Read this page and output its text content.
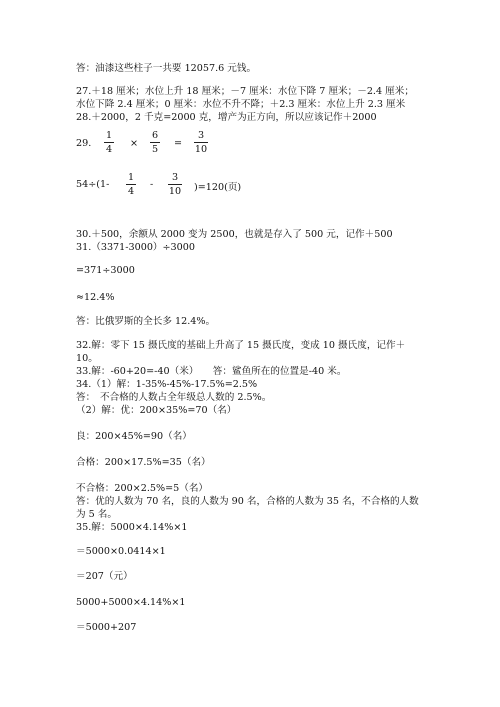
答：油漆这些柱子一共要 12057.6 元钱。
27.＋18 厘米；水位上升 18 厘米；－7 厘米：水位下降 7 厘米；－2.4 厘米；
水位下降 2.4 厘米；0 厘米：水位不升不降；＋2.3 厘米：水位上升 2.3 厘米
28.＋2000，2 千克=2000 克，增产为正方向，所以应该记作＋2000
29.
1
4
×
6
5
=
3
10
54÷(1-
1
4
-
3
10 )=120(页)
30.＋500，余额从 2000 变为 2500，也就是存入了 500 元，记作＋500
31.（3371-3000）÷3000
=371÷3000
≈12.4%
答：比俄罗斯的全长多 12.4%。
32.解：零下 15 摄氏度的基础上升高了 15 摄氏度，变成 10 摄氏度，记作＋
10。
33.解：-60+20=-40（米）　　答：鲨鱼所在的位置是-40 米。
34.（1）解：1-35%-45%-17.5%=2.5%
答：　不合格的人数占全年级总人数的 2.5%。
（2）解：优：200×35%=70（名）
良：200×45%=90（名）
合格：200×17.5%=35（名）
不合格：200×2.5%=5（名）
答：优的人数为 70 名，良的人数为 90 名，合格的人数为 35 名，不合格的人数
为 5 名。
35.解：5000×4.14%×1
＝5000×0.0414×1
＝207（元）
5000+5000×4.14%×1
＝5000+207
